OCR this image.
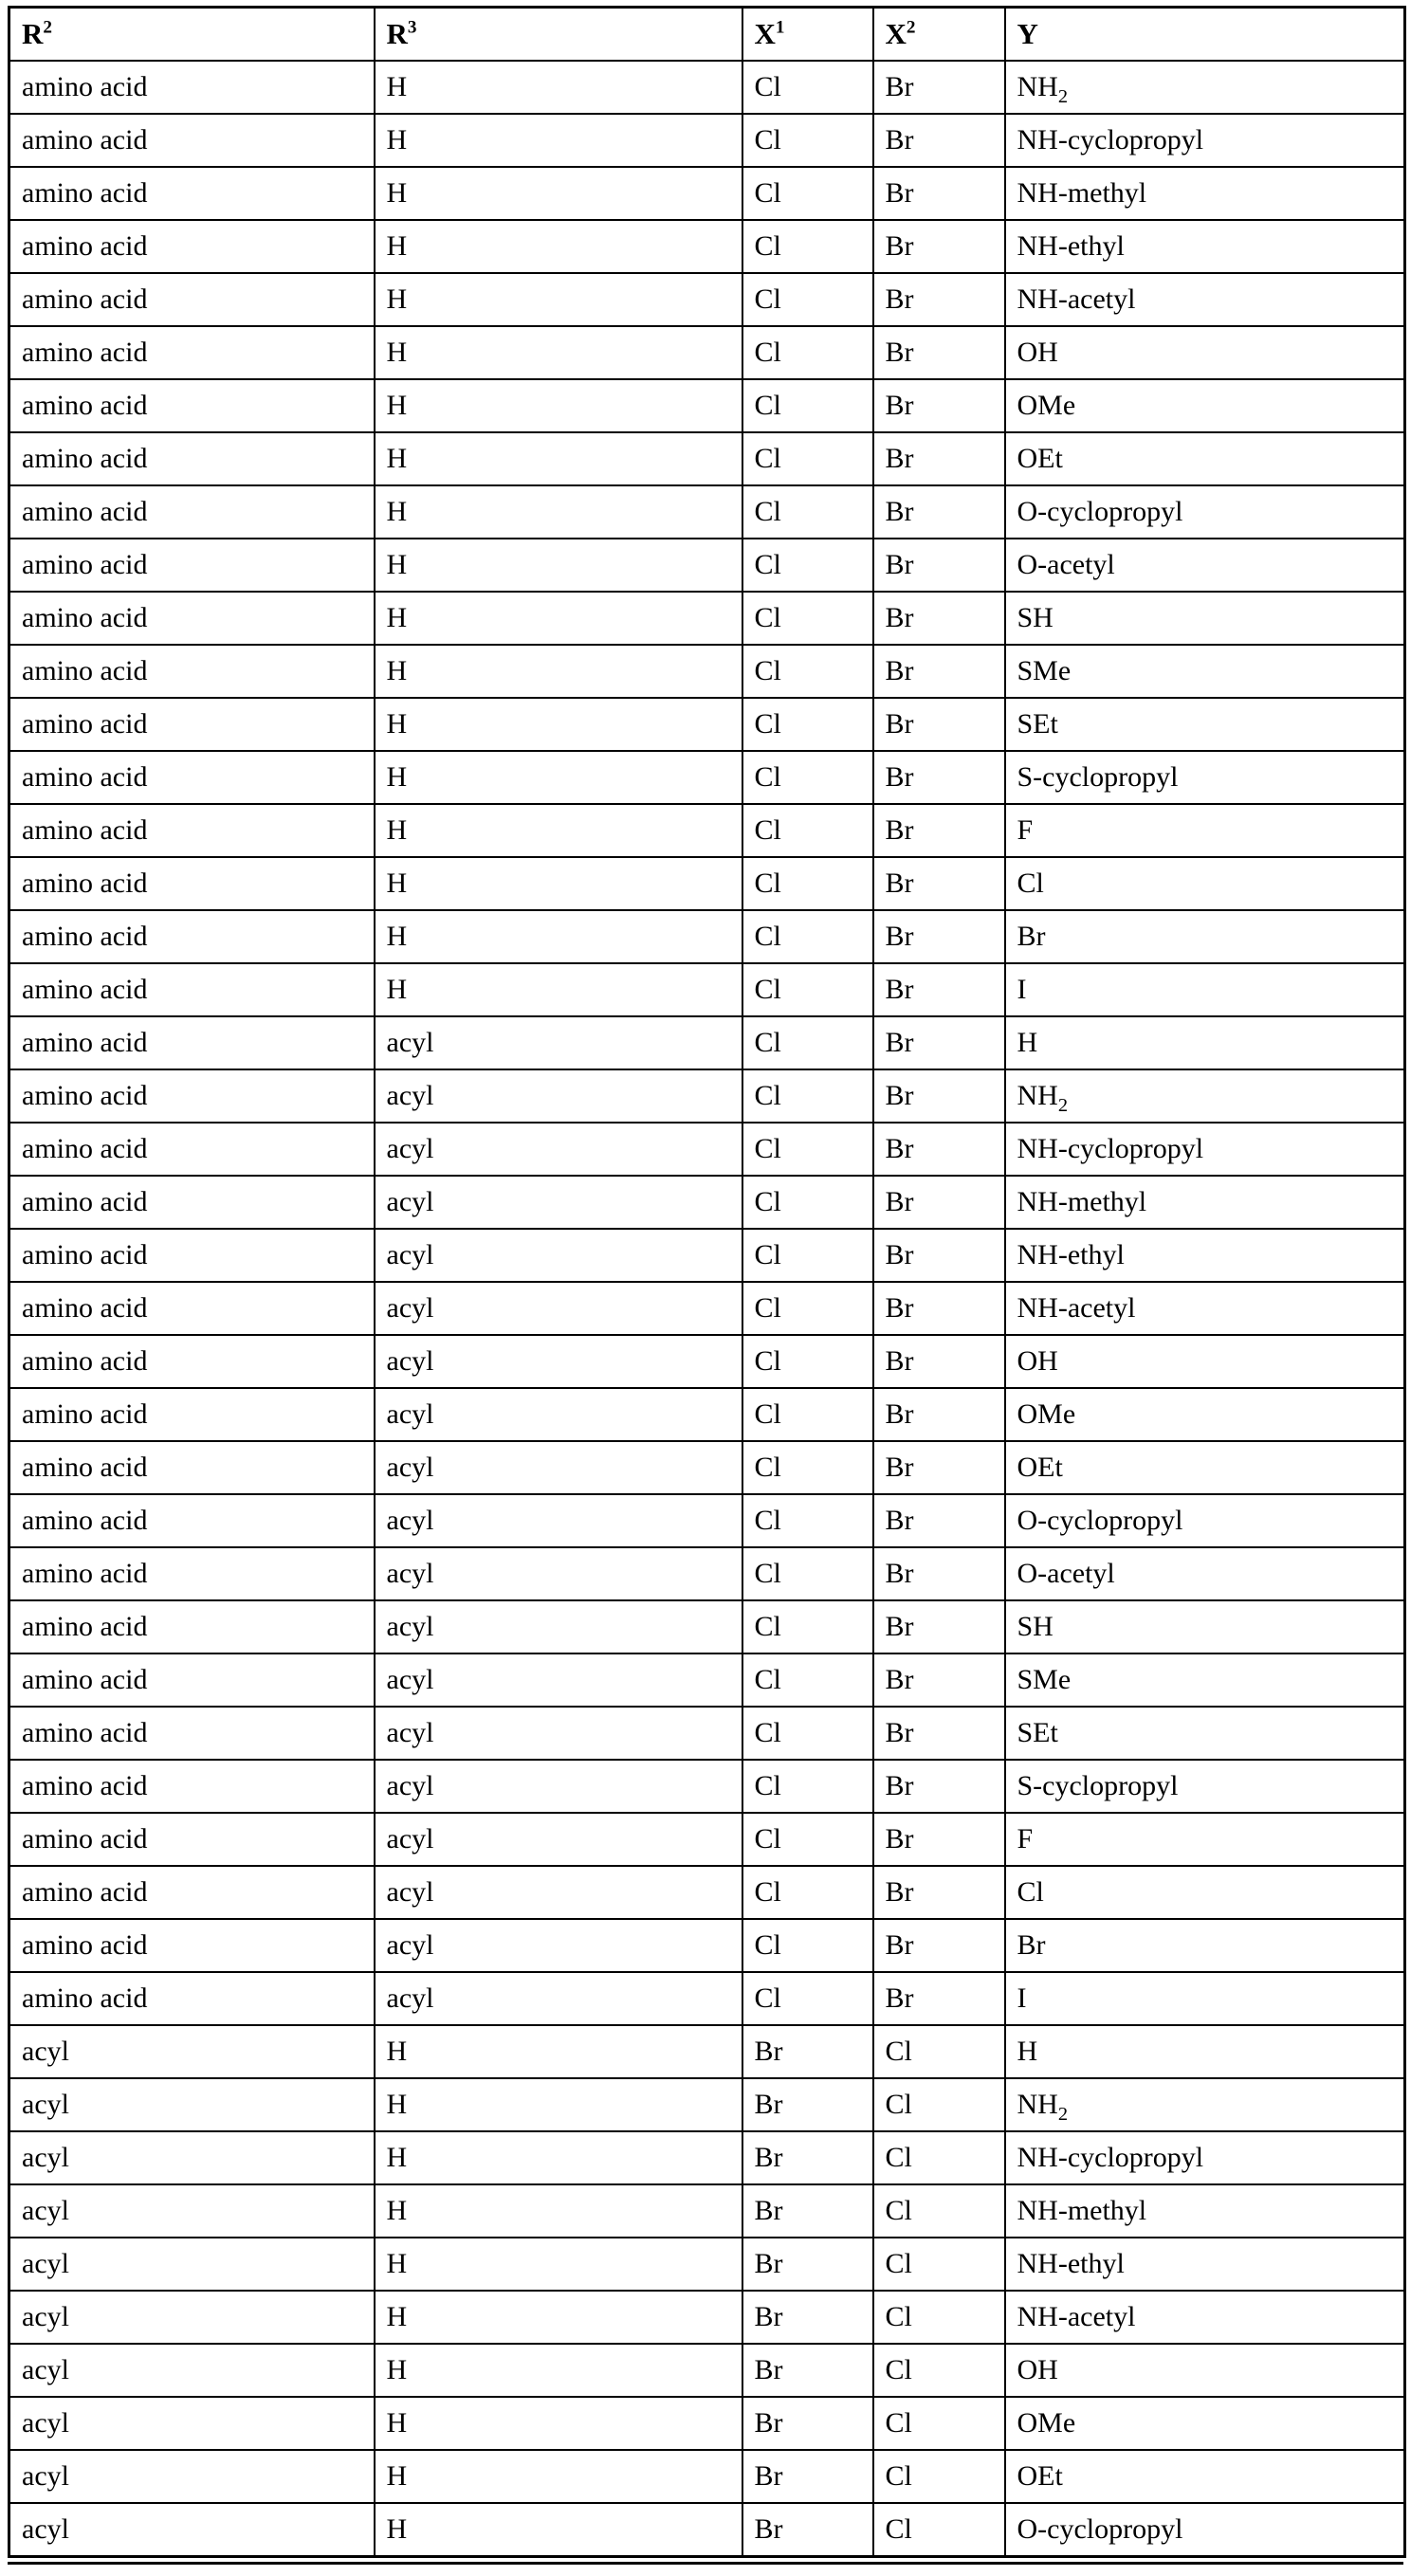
$R^2$	$R^3$	$X^1$	$X^2$	Y
amino acid	H	Cl	Br	$NH_2$
amino acid	H	Cl	Br	NH-cyclopropyl
amino acid	H	Cl	Br	NH-methyl
amino acid	H	Cl	Br	NH-ethyl
amino acid	H	Cl	Br	NH-acetyl
amino acid	H	Cl	Br	OH
amino acid	H	Cl	Br	OMe
amino acid	H	Cl	Br	OEt
amino acid	H	Cl	Br	O-cyclopropyl
amino acid	H	Cl	Br	O-acetyl
amino acid	H	Cl	Br	SH
amino acid	H	Cl	Br	SMe
amino acid	H	Cl	Br	SEt
amino acid	H	Cl	Br	S-cyclopropyl
amino acid	H	Cl	Br	F
amino acid	H	Cl	Br	Cl
amino acid	H	Cl	Br	Br
amino acid	H	Cl	Br	I
amino acid	acyl	Cl	Br	H
amino acid	acyl	Cl	Br	$NH_2$
amino acid	acyl	Cl	Br	NH-cyclopropyl
amino acid	acyl	Cl	Br	NH-methyl
amino acid	acyl	Cl	Br	NH-ethyl
amino acid	acyl	Cl	Br	NH-acetyl
amino acid	acyl	Cl	Br	OH
amino acid	acyl	Cl	Br	OMe
amino acid	acyl	Cl	Br	OEt
amino acid	acyl	Cl	Br	O-cyclopropyl
amino acid	acyl	Cl	Br	O-acetyl
amino acid	acyl	Cl	Br	SH
amino acid	acyl	Cl	Br	SMe
amino acid	acyl	Cl	Br	SEt
amino acid	acyl	Cl	Br	S-cyclopropyl
amino acid	acyl	Cl	Br	F
amino acid	acyl	Cl	Br	Cl
amino acid	acyl	Cl	Br	Br
amino acid	acyl	Cl	Br	I
acyl	H	Br	Cl	H
acyl	H	Br	Cl	$NH_2$
acyl	H	Br	Cl	NH-cyclopropyl
acyl	H	Br	Cl	NH-methyl
acyl	H	Br	Cl	NH-ethyl
acyl	H	Br	Cl	NH-acetyl
acyl	H	Br	Cl	OH
acyl	H	Br	Cl	OMe
acyl	H	Br	Cl	OEt
acyl	H	Br	Cl	O-cyclopropyl
